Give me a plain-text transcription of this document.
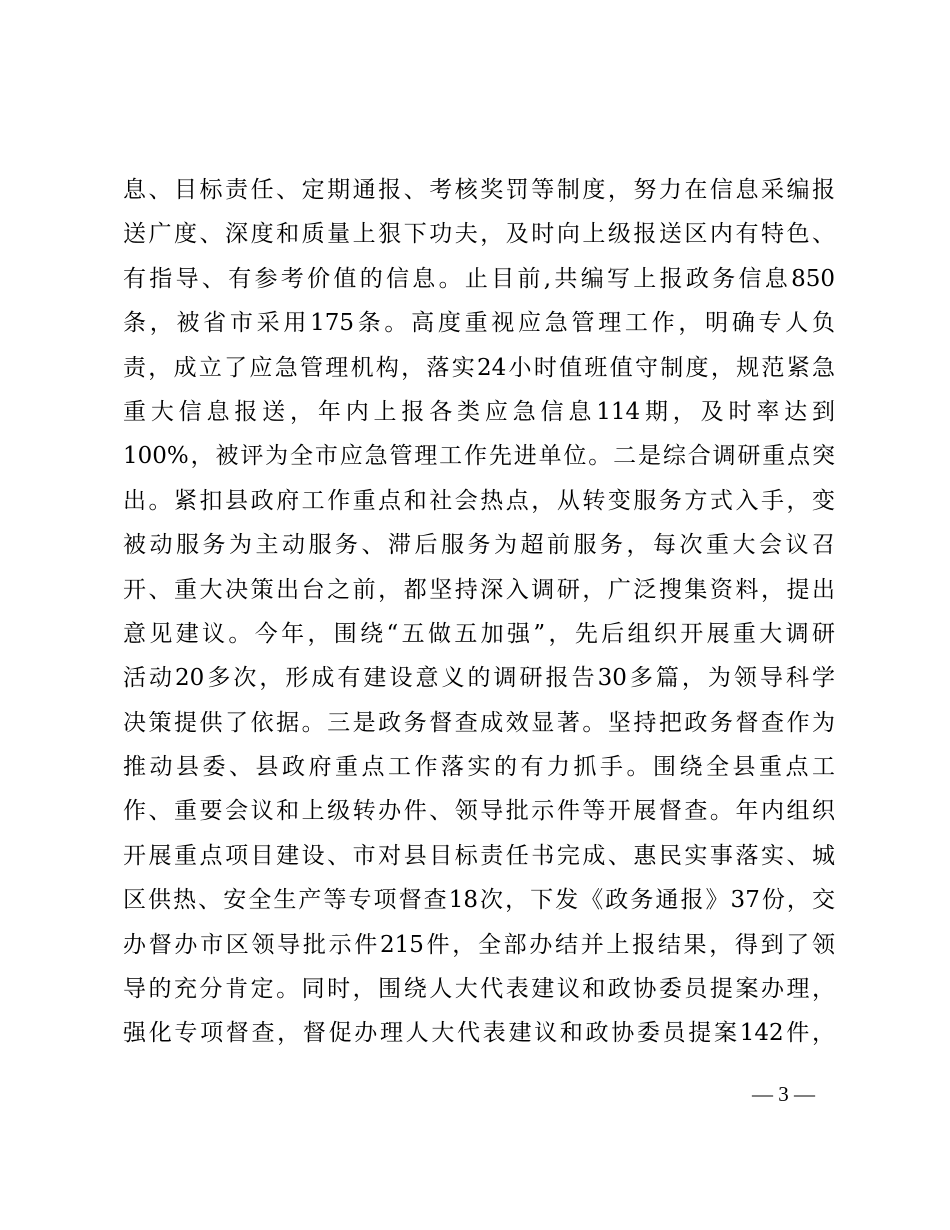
息、目标责任、定期通报、考核奖罚等制度，努力在信息采编报
送广度、深度和质量上狠下功夫，及时向上级报送区内有特色、
有指导、有参考价值的信息。止目前,共编写上报政务信息850
条，被省市采用175条。高度重视应急管理工作，明确专人负
责，成立了应急管理机构，落实24小时值班值守制度，规范紧急
重大信息报送，年内上报各类应急信息114期，及时率达到
100%，被评为全市应急管理工作先进单位。二是综合调研重点突
出。紧扣县政府工作重点和社会热点，从转变服务方式入手，变
被动服务为主动服务、滞后服务为超前服务，每次重大会议召
开、重大决策出台之前，都坚持深入调研，广泛搜集资料，提出
意见建议。今年，围绕“五做五加强”，先后组织开展重大调研
活动20多次，形成有建设意义的调研报告30多篇，为领导科学
决策提供了依据。三是政务督查成效显著。坚持把政务督查作为
推动县委、县政府重点工作落实的有力抓手。围绕全县重点工
作、重要会议和上级转办件、领导批示件等开展督查。年内组织
开展重点项目建设、市对县目标责任书完成、惠民实事落实、城
区供热、安全生产等专项督查18次，下发《政务通报》37份，交
办督办市区领导批示件215件，全部办结并上报结果，得到了领
导的充分肯定。同时，围绕人大代表建议和政协委员提案办理，
强化专项督查，督促办理人大代表建议和政协委员提案142件，
— 3 —
